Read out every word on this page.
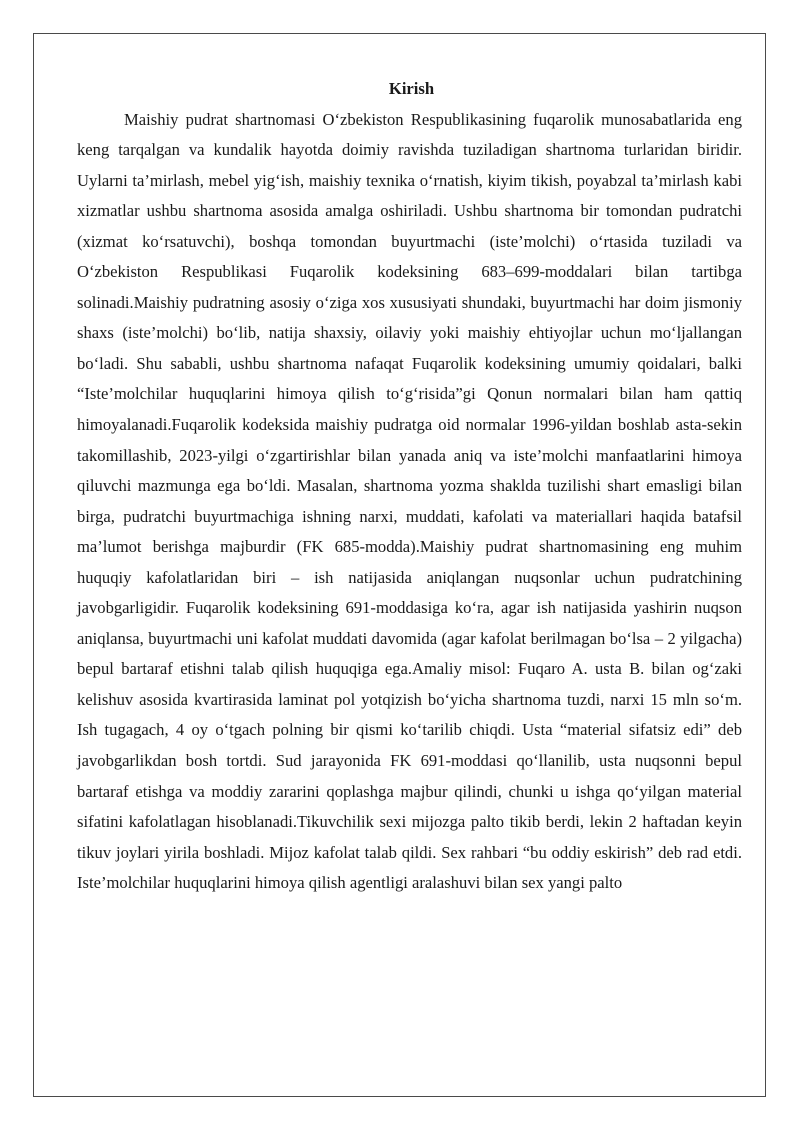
Kirish

Maishiy pudrat shartnomasi O‘zbekiston Respublikasining fuqarolik munosabatlarida eng keng tarqalgan va kundalik hayotda doimiy ravishda tuziladigan shartnoma turlaridan biridir. Uylarni ta’mirlash, mebel yig‘ish, maishiy texnika o‘rnatish, kiyim tikish, poyabzal ta’mirlash kabi xizmatlar ushbu shartnoma asosida amalga oshiriladi. Ushbu shartnoma bir tomondan pudratchi (xizmat ko‘rsatuvchi), boshqa tomondan buyurtmachi (iste’molchi) o‘rtasida tuziladi va O‘zbekiston Respublikasi Fuqarolik kodeksining 683–699-moddalari bilan tartibga solinadi.Maishiy pudratning asosiy o‘ziga xos xususiyati shundaki, buyurtmachi har doim jismoniy shaxs (iste’molchi) bo‘lib, natija shaxsiy, oilaviy yoki maishiy ehtiyojlar uchun mo‘ljallangan bo‘ladi. Shu sababli, ushbu shartnoma nafaqat Fuqarolik kodeksining umumiy qoidalari, balki “Iste’molchilar huquqlarini himoya qilish to‘g‘risida”gi Qonun normalari bilan ham qattiq himoyalanadi.Fuqarolik kodeksida maishiy pudratga oid normalar 1996-yildan boshlab asta-sekin takomillashib, 2023-yilgi o‘zgartirishlar bilan yanada aniq va iste’molchi manfaatlarini himoya qiluvchi mazmunga ega bo‘ldi. Masalan, shartnoma yozma shaklda tuzilishi shart emasligi bilan birga, pudratchi buyurtmachiga ishning narxi, muddati, kafolati va materiallari haqida batafsil ma’lumot berishga majburdir (FK 685-modda).Maishiy pudrat shartnomasining eng muhim huquqiy kafolatlaridan biri – ish natijasida aniqlangan nuqsonlar uchun pudratchining javobgarligidir. Fuqarolik kodeksining 691-moddasiga ko‘ra, agar ish natijasida yashirin nuqson aniqlansa, buyurtmachi uni kafolat muddati davomida (agar kafolat berilmagan bo‘lsa – 2 yilgacha) bepul bartaraf etishni talab qilish huquqiga ega.Amaliy misol: Fuqaro A. usta B. bilan og‘zaki kelishuv asosida kvartirasida laminat pol yotqizish bo‘yicha shartnoma tuzdi, narxi 15 mln so‘m. Ish tugagach, 4 oy o‘tgach polning bir qismi ko‘tarilib chiqdi. Usta “material sifatsiz edi” deb javobgarlikdan bosh tortdi. Sud jarayonida FK 691-moddasi qo‘llanilib, usta nuqsonni bepul bartaraf etishga va moddiy zararini qoplashga majbur qilindi, chunki u ishga qo‘yilgan material sifatini kafolatlagan hisoblanadi.Tikuvchilik sexi mijozga palto tikib berdi, lekin 2 haftadan keyin tikuv joylari yirila boshladi. Mijoz kafolat talab qildi. Sex rahbari “bu oddiy eskirish” deb rad etdi. Iste’molchilar huquqlarini himoya qilish agentligi aralashuvi bilan sex yangi palto
